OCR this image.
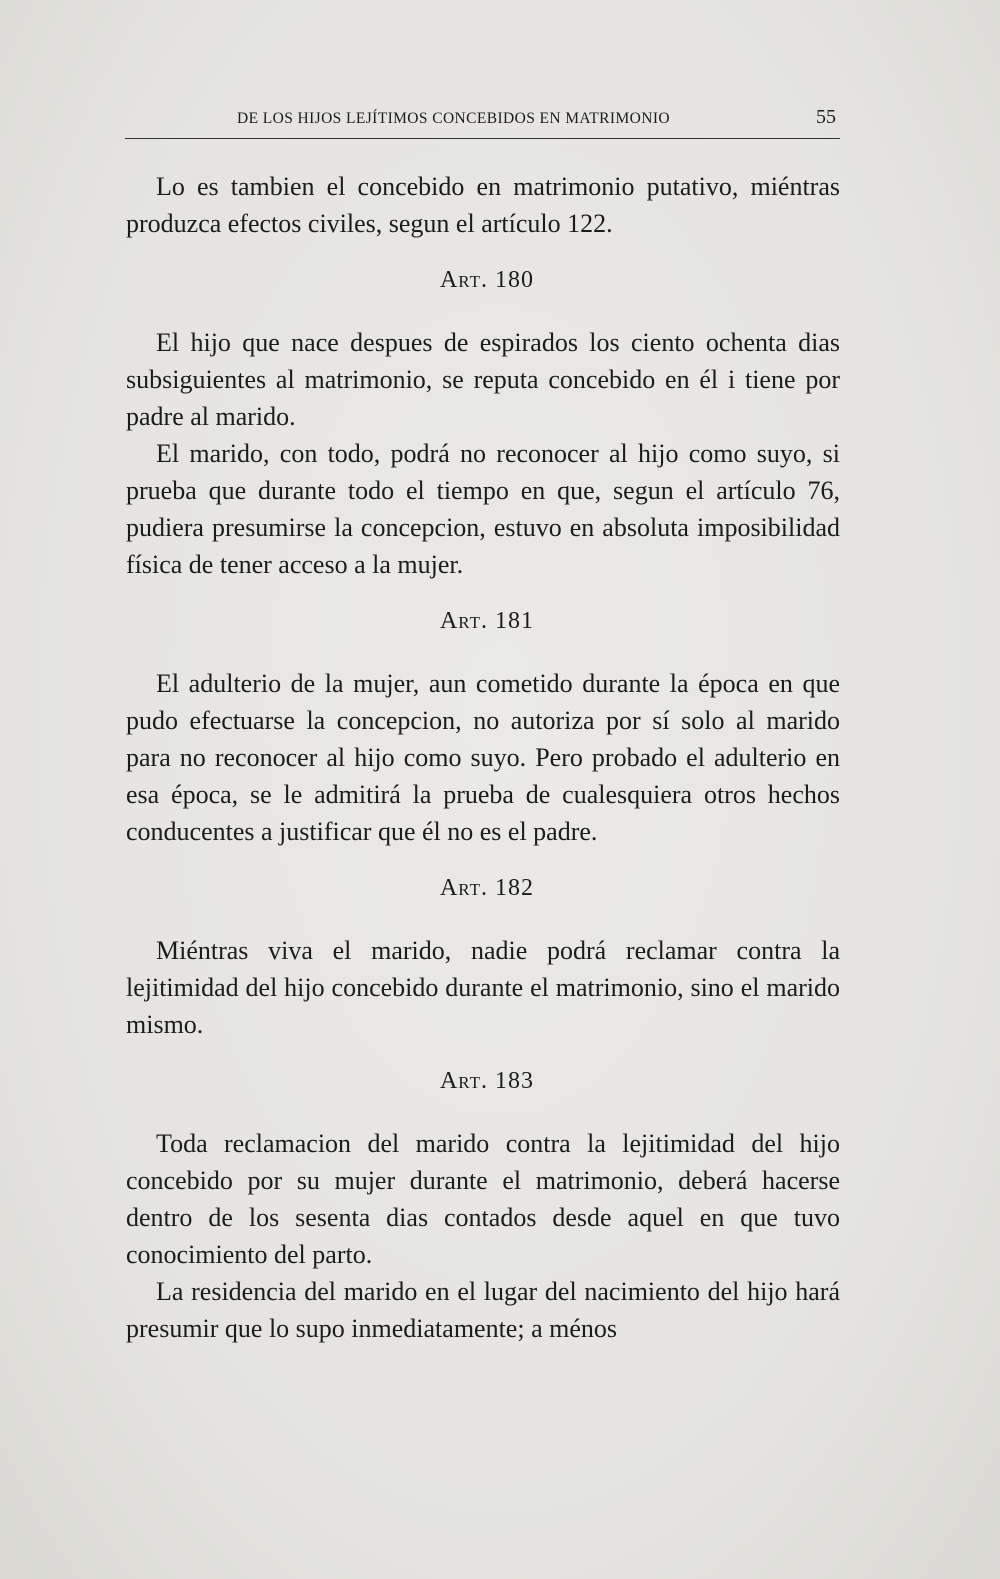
DE LOS HIJOS LEJÍTIMOS CONCEBIDOS EN MATRIMONIO	55

Lo es tambien el concebido en matrimonio putativo, miéntras produzca efectos civiles, segun el artículo 122.

Art. 180

El hijo que nace despues de espirados los ciento ochenta dias subsiguientes al matrimonio, se reputa concebido en él i tiene por padre al marido.

El marido, con todo, podrá no reconocer al hijo como suyo, si prueba que durante todo el tiempo en que, segun el artículo 76, pudiera presumirse la concepcion, estuvo en absoluta imposibilidad física de tener acceso a la mujer.

Art. 181

El adulterio de la mujer, aun cometido durante la época en que pudo efectuarse la concepcion, no autoriza por sí solo al marido para no reconocer al hijo como suyo. Pero probado el adulterio en esa época, se le admitirá la prueba de cualesquiera otros hechos conducentes a justificar que él no es el padre.

Art. 182

Miéntras viva el marido, nadie podrá reclamar contra la lejitimidad del hijo concebido durante el matrimonio, sino el marido mismo.

Art. 183

Toda reclamacion del marido contra la lejitimidad del hijo concebido por su mujer durante el matrimonio, deberá hacerse dentro de los sesenta dias contados desde aquel en que tuvo conocimiento del parto.

La residencia del marido en el lugar del nacimiento del hijo hará presumir que lo supo inmediatamente; a ménos
